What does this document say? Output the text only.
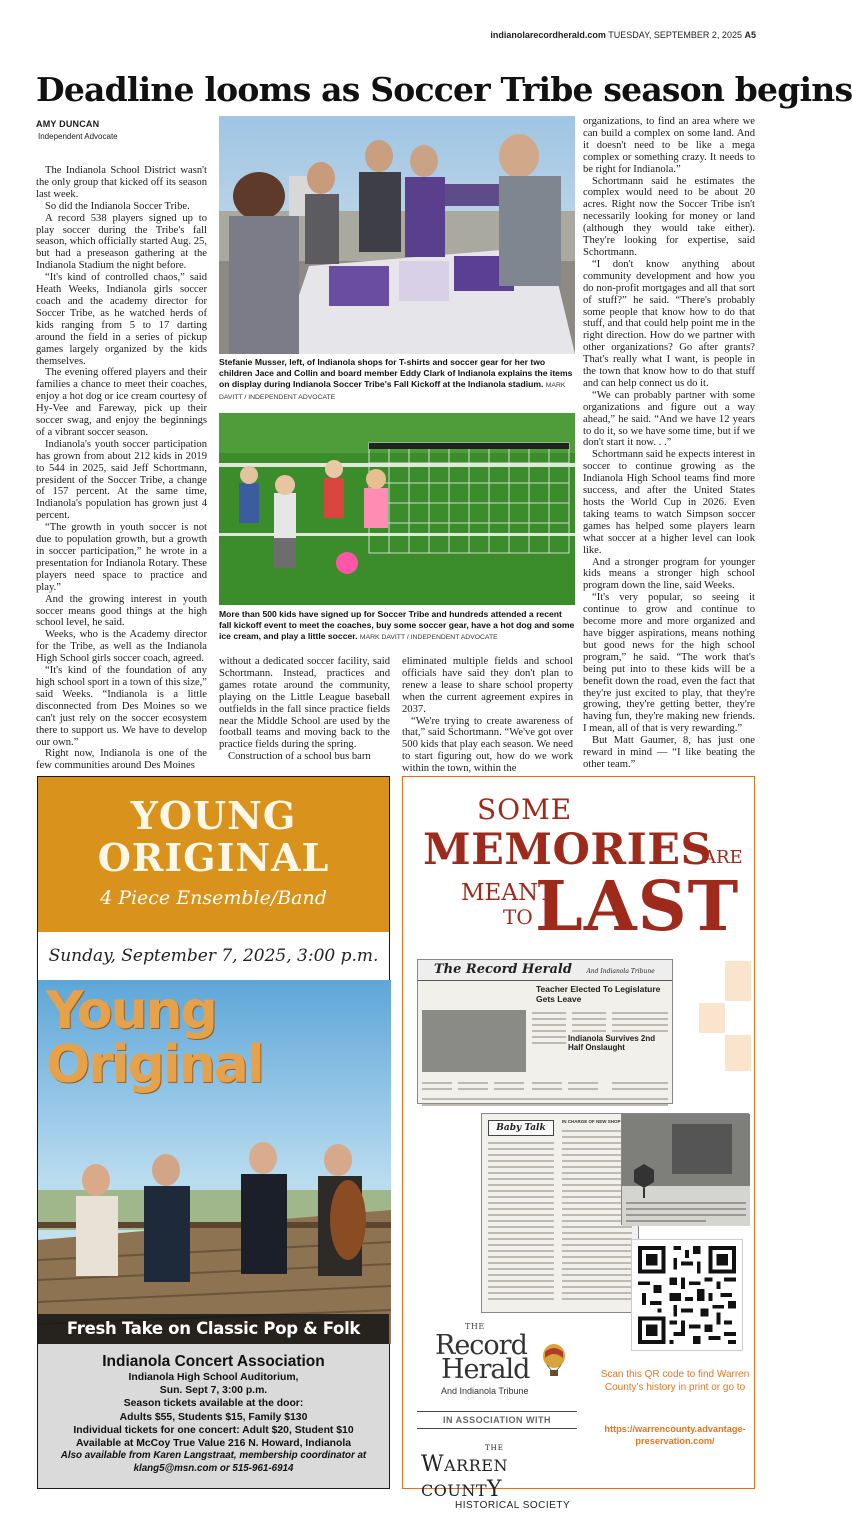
indianolarecordherald.com TUESDAY, SEPTEMBER 2, 2025 A5
Deadline looms as Soccer Tribe season begins
AMY DUNCAN
Independent Advocate

The Indianola School District wasn't the only group that kicked off its season last week.

So did the Indianola Soccer Tribe.

A record 538 players signed up to play soccer during the Tribe's fall season, which officially started Aug. 25, but had a preseason gathering at the Indianola Stadium the night before.

“It's kind of controlled chaos,” said Heath Weeks, Indianola girls soccer coach and the academy director for Soccer Tribe, as he watched herds of kids ranging from 5 to 17 darting around the field in a series of pickup games largely organized by the kids themselves.

The evening offered players and their families a chance to meet their coaches, enjoy a hot dog or ice cream courtesy of Hy-Vee and Fareway, pick up their soccer swag, and enjoy the beginnings of a vibrant soccer season.

Indianola's youth soccer participation has grown from about 212 kids in 2019 to 544 in 2025, said Jeff Schortmann, president of the Soccer Tribe, a change of 157 percent. At the same time, Indianola's population has grown just 4 percent.

“The growth in youth soccer is not due to population growth, but a growth in soccer participation,” he wrote in a presentation for Indianola Rotary. These players need space to practice and play.”

And the growing interest in youth soccer means good things at the high school level, he said.

Weeks, who is the Academy director for the Tribe, as well as the Indianola High School girls soccer coach, agreed.

“It's kind of the foundation of any high school sport in a town of this size,” said Weeks. “Indianola is a little disconnected from Des Moines so we can't just rely on the soccer ecosystem there to support us. We have to develop our own.”

Right now, Indianola is one of the few communities around Des Moines

Stefanie Musser, left, of Indianola shops for T-shirts and soccer gear for her two children Jace and Collin and board member Eddy Clark of Indianola explains the items on display during Indianola Soccer Tribe's Fall Kickoff at the Indianola stadium. MARK DAVITT / INDEPENDENT ADVOCATE
More than 500 kids have signed up for Soccer Tribe and hundreds attended a recent fall kickoff event to meet the coaches, buy some soccer gear, have a hot dog and some ice cream, and play a little soccer. MARK DAVITT / INDEPENDENT ADVOCATE

without a dedicated soccer facility, said Schortmann. Instead, practices and games rotate around the community, playing on the Little League baseball outfields in the fall since practice fields near the Middle School are used by the football teams and moving back to the practice fields during the spring.

Construction of a school bus barn

eliminated multiple fields and school officials have said they don't plan to renew a lease to share school property when the current agreement expires in 2037.

“We're trying to create awareness of that,” said Schortmann. “We've got over 500 kids that play each season. We need to start figuring out, how do we work within the town, within the

organizations, to find an area where we can build a complex on some land. And it doesn't need to be like a mega complex or something crazy. It needs to be right for Indianola.”

Schortmann said he estimates the complex would need to be about 20 acres. Right now the Soccer Tribe isn't necessarily looking for money or land (although they would take either). They're looking for expertise, said Schortmann.

“I don't know anything about community development and how you do non-profit mortgages and all that sort of stuff?” he said. “There's probably some people that know how to do that stuff, and that could help point me in the right direction. How do we partner with other organizations? Go after grants? That's really what I want, is people in the town that know how to do that stuff and can help connect us do it.

“We can probably partner with some organizations and figure out a way ahead,” he said. “And we have 12 years to do it, so we have some time, but if we don't start it now. . .”

Schortmann said he expects interest in soccer to continue growing as the Indianola High School teams find more success, and after the United States hosts the World Cup in 2026. Even taking teams to watch Simpson soccer games has helped some players learn what soccer at a higher level can look like.

And a stronger program for younger kids means a stronger high school program down the line, said Weeks.

“It's very popular, so seeing it continue to grow and continue to become more and more organized and have bigger aspirations, means nothing but good news for the high school program,” he said. “The work that's being put into to these kids will be a benefit down the road, even the fact that they're just excited to play, that they're growing, they're getting better, they're having fun, they're making new friends. I mean, all of that is very rewarding.”

But Matt Gaumer, 8, has just one reward in mind — “I like beating the other team.”

YOUNG
ORIGINAL
4 Piece Ensemble/Band
Sunday, September 7, 2025, 3:00 p.m.
Young
Original
Fresh Take on Classic Pop & Folk
Indianola Concert Association
Indianola High School Auditorium,
Sun. Sept 7, 3:00 p.m.
Season tickets available at the door:
Adults $55, Students $15, Family $130
Individual tickets for one concert: Adult $20, Student $10
Available at McCoy True Value 216 N. Howard, Indianola
Also available from Karen Langstraat, membership coordinator at
klang5@msn.com or 515-961-6914
SOME
MEMORIES
ARE
MEANT
TO LAST
The Record Herald And Indianola Tribune
Teacher Elected To Legislature Gets Leave
Indianola Survives 2nd Half Onslaught
Baby Talk
IN CHARGE OF NEW SHOP
THE
Record
Herald
And Indianola Tribune
IN ASSOCIATION WITH
THE
WARREN COUNTY
HISTORICAL SOCIETY
Scan this QR code to find Warren County's history in print or go to
https://warrencounty.advantage-preservation.com/
